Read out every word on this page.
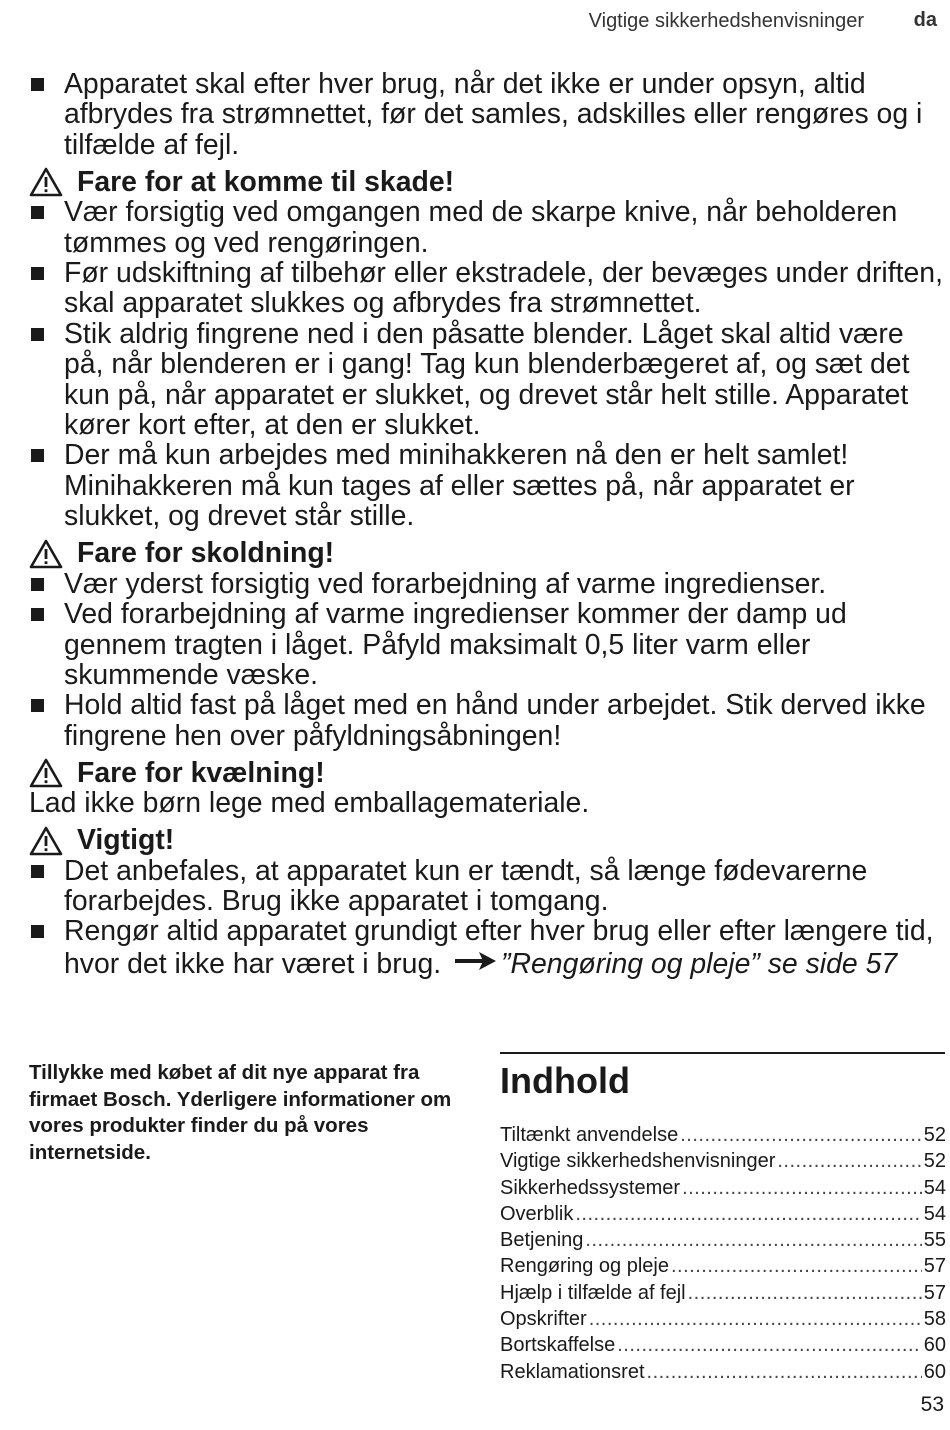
Vigtige sikkerhedshenvisninger da
Apparatet skal efter hver brug, når det ikke er under opsyn, altid afbrydes fra strømnettet, før det samles, adskilles eller rengøres og i tilfælde af fejl.
Fare for at komme til skade!
Vær forsigtig ved omgangen med de skarpe knive, når beholderen tømmes og ved rengøringen.
Før udskiftning af tilbehør eller ekstradele, der bevæges under driften, skal apparatet slukkes og afbrydes fra strømnettet.
Stik aldrig fingrene ned i den påsatte blender. Låget skal altid være på, når blenderen er i gang! Tag kun blenderbægeret af, og sæt det kun på, når apparatet er slukket, og drevet står helt stille. Apparatet kører kort efter, at den er slukket.
Der må kun arbejdes med minihakkeren nå den er helt samlet! Minihakkeren må kun tages af eller sættes på, når apparatet er slukket, og drevet står stille.
Fare for skoldning!
Vær yderst forsigtig ved forarbejdning af varme ingredienser.
Ved forarbejdning af varme ingredienser kommer der damp ud gennem tragten i låget. Påfyld maksimalt 0,5 liter varm eller skummende væske.
Hold altid fast på låget med en hånd under arbejdet. Stik derved ikke fingrene hen over påfyldningsåbningen!
Fare for kvælning!
Lad ikke børn lege med emballagemateriale.
Vigtigt!
Det anbefales, at apparatet kun er tændt, så længe fødevarerne forarbejdes. Brug ikke apparatet i tomgang.
Rengør altid apparatet grundigt efter hver brug eller efter længere tid, hvor det ikke har været i brug. ”Rengøring og pleje” se side 57
Tillykke med købet af dit nye apparat fra firmaet Bosch. Yderligere informationer om vores produkter finder du på vores internetside.
Indhold
Tiltænkt anvendelse .....	52
Vigtige sikkerhedshenvisninger .....	52
Sikkerhedssystemer .....	54
Overblik .....	54
Betjening .....	55
Rengøring og pleje .....	57
Hjælp i tilfælde af fejl .....	57
Opskrifter .....	58
Bortskaffelse .....	60
Reklamationsret .....	60
53
